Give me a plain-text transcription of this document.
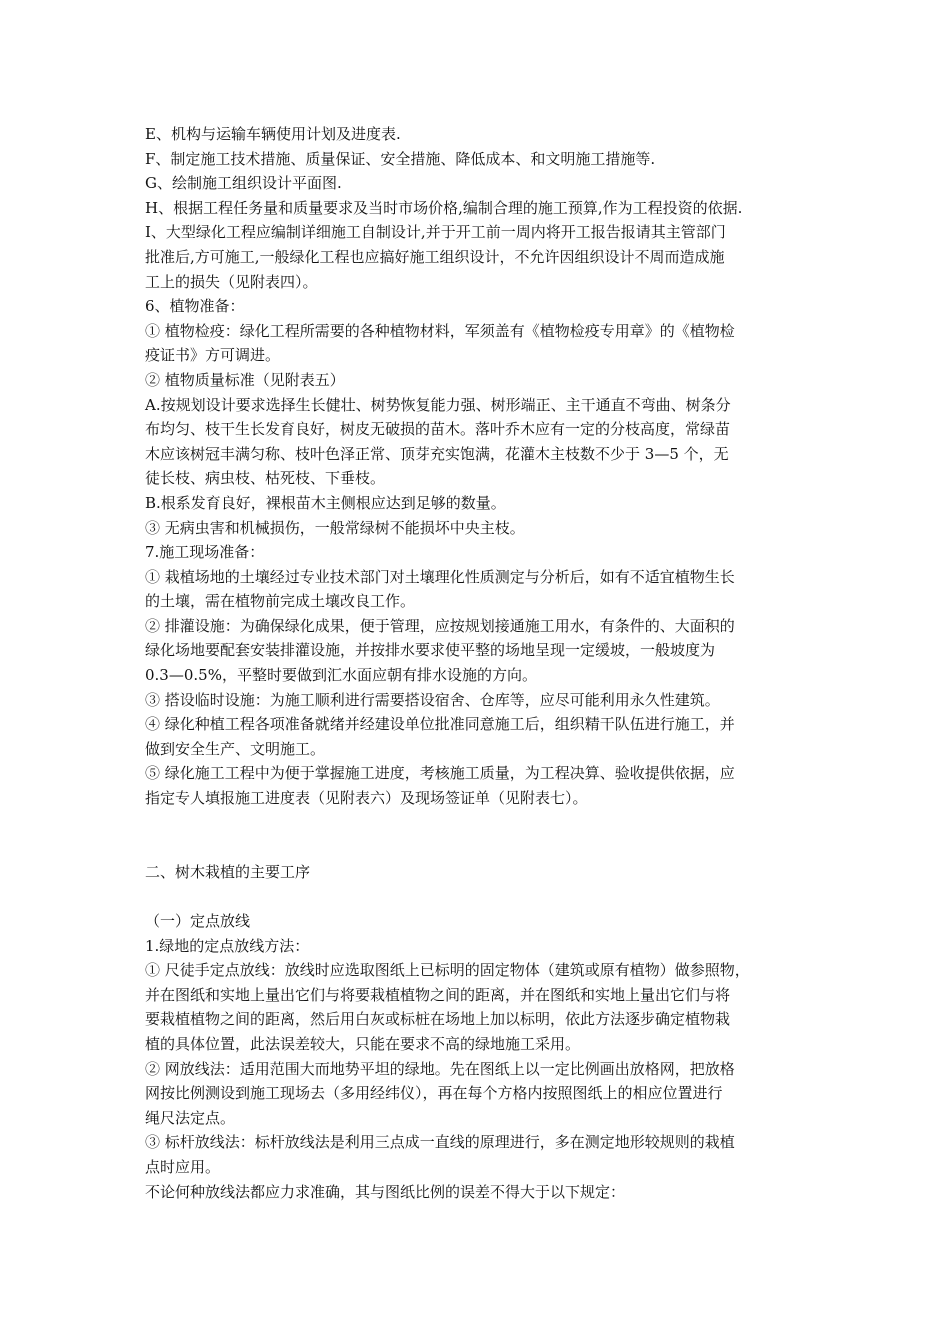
E、机构与运输车辆使用计划及进度表.
F、制定施工技术措施、质量保证、安全措施、降低成本、和文明施工措施等.
G、绘制施工组织设计平面图.
H、根据工程任务量和质量要求及当时市场价格,编制合理的施工预算,作为工程投资的依据.
I、大型绿化工程应编制详细施工自制设计,并于开工前一周内将开工报告报请其主管部门
批准后,方可施工,一般绿化工程也应搞好施工组织设计，不允许因组织设计不周而造成施
工上的损失（见附表四）。
6、植物准备：
① 植物检疫：绿化工程所需要的各种植物材料，军须盖有《植物检疫专用章》的《植物检
疫证书》方可调进。
② 植物质量标准（见附表五）
A.按规划设计要求选择生长健壮、树势恢复能力强、树形端正、主干通直不弯曲、树条分
布均匀、枝干生长发育良好，树皮无破损的苗木。落叶乔木应有一定的分枝高度，常绿苗
木应该树冠丰满匀称、枝叶色泽正常、顶芽充实饱满，花灌木主枝数不少于 3—5 个，无
徒长枝、病虫枝、枯死枝、下垂枝。
B.根系发育良好，裸根苗木主侧根应达到足够的数量。
③ 无病虫害和机械损伤，一般常绿树不能损坏中央主枝。
7.施工现场准备：
① 栽植场地的土壤经过专业技术部门对土壤理化性质测定与分析后，如有不适宜植物生长
的土壤，需在植物前完成土壤改良工作。
② 排灌设施：为确保绿化成果，便于管理，应按规划接通施工用水，有条件的、大面积的
绿化场地要配套安装排灌设施，并按排水要求使平整的场地呈现一定缓坡，一般坡度为
0.3—0.5%，平整时要做到汇水面应朝有排水设施的方向。
③ 搭设临时设施：为施工顺利进行需要搭设宿舍、仓库等，应尽可能利用永久性建筑。
④ 绿化种植工程各项准备就绪并经建设单位批准同意施工后，组织精干队伍进行施工，并
做到安全生产、文明施工。
⑤ 绿化施工工程中为便于掌握施工进度，考核施工质量，为工程决算、验收提供依据，应
指定专人填报施工进度表（见附表六）及现场签证单（见附表七）。
二、树木栽植的主要工序
（一）定点放线
1.绿地的定点放线方法：
① 尺徒手定点放线：放线时应选取图纸上已标明的固定物体（建筑或原有植物）做参照物，
并在图纸和实地上量出它们与将要栽植植物之间的距离，并在图纸和实地上量出它们与将
要栽植植物之间的距离，然后用白灰或标桩在场地上加以标明，依此方法逐步确定植物栽
植的具体位置，此法误差较大，只能在要求不高的绿地施工采用。
② 网放线法：适用范围大而地势平坦的绿地。先在图纸上以一定比例画出放格网，把放格
网按比例测设到施工现场去（多用经纬仪），再在每个方格内按照图纸上的相应位置进行
绳尺法定点。
③ 标杆放线法：标杆放线法是利用三点成一直线的原理进行，多在测定地形较规则的栽植
点时应用。
不论何种放线法都应力求准确，其与图纸比例的误差不得大于以下规定：
